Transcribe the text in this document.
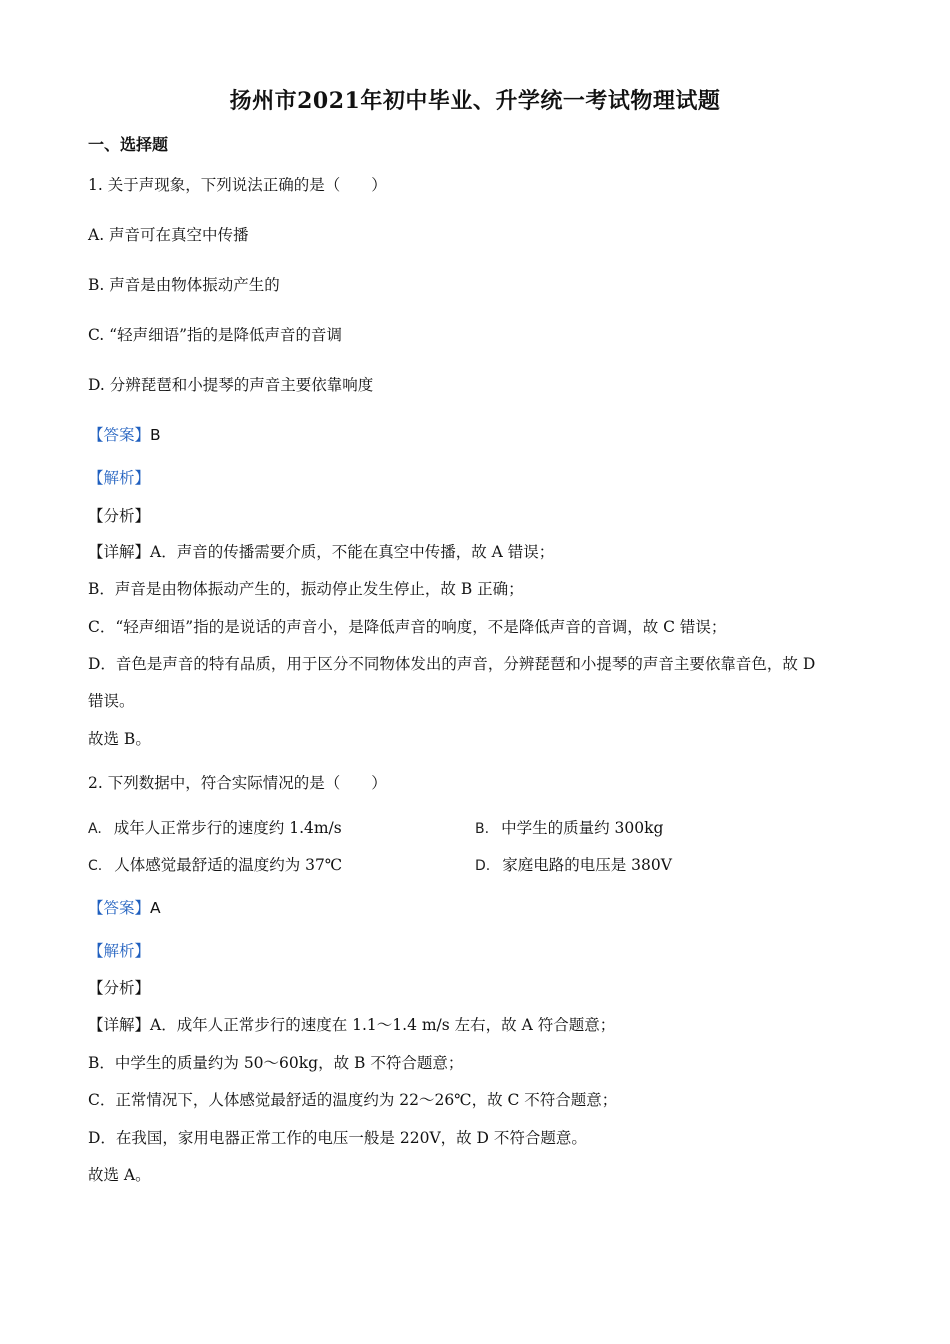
扬州市2021年初中毕业、升学统一考试物理试题
一、选择题
1. 关于声现象，下列说法正确的是（　　）
A. 声音可在真空中传播
B. 声音是由物体振动产生的
C. “轻声细语”指的是降低声音的音调
D. 分辨琵琶和小提琴的声音主要依靠响度
【答案】B
【解析】
【分析】
【详解】A．声音的传播需要介质，不能在真空中传播，故 A 错误；
B．声音是由物体振动产生的，振动停止发生停止，故 B 正确；
C．“轻声细语”指的是说话的声音小，是降低声音的响度，不是降低声音的音调，故 C 错误；
D．音色是声音的特有品质，用于区分不同物体发出的声音，分辨琵琶和小提琴的声音主要依靠音色，故 D
错误。
故选 B。
2. 下列数据中，符合实际情况的是（　　）
A. 成年人正常步行的速度约 1.4m/s	B. 中学生的质量约 300kg
C. 人体感觉最舒适的温度约为 37℃	D. 家庭电路的电压是 380V
【答案】A
【解析】
【分析】
【详解】A．成年人正常步行的速度在 1.1～1.4 m/s 左右，故 A 符合题意；
B．中学生的质量约为 50～60kg，故 B 不符合题意；
C．正常情况下，人体感觉最舒适的温度约为 22～26℃，故 C 不符合题意；
D．在我国，家用电器正常工作的电压一般是 220V，故 D 不符合题意。
故选 A。
